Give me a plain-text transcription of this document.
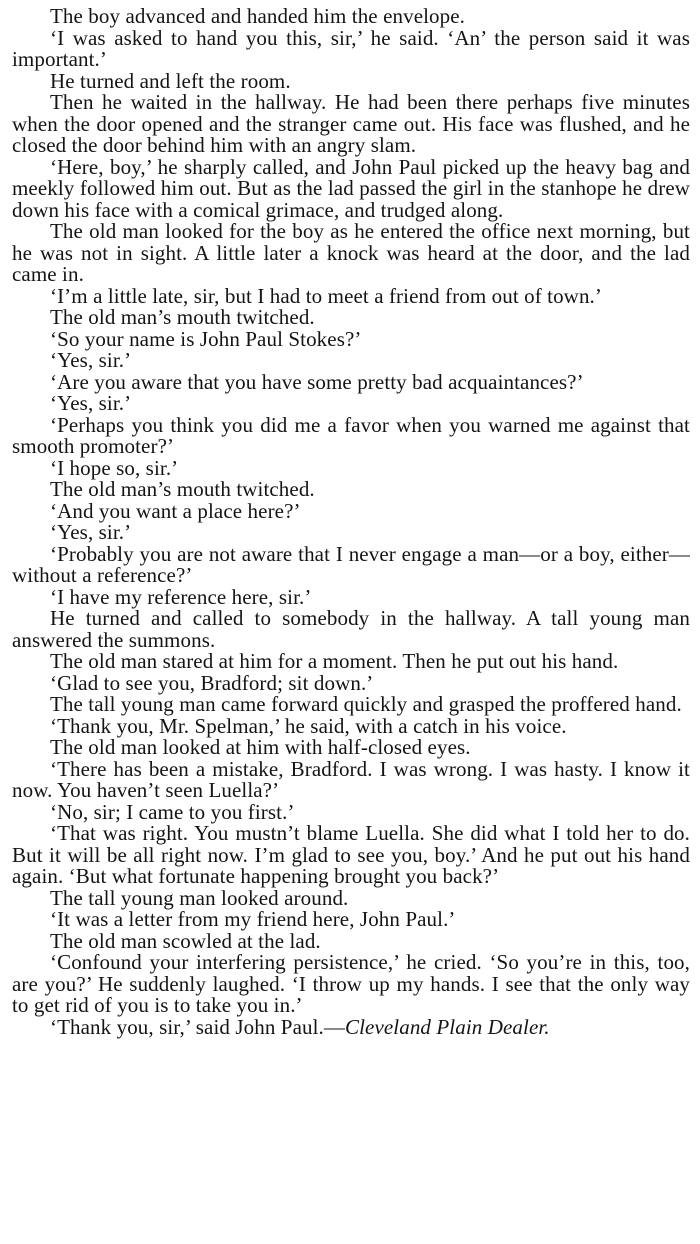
The boy advanced and handed him the envelope.

‘I was asked to hand you this, sir,’ he said. ‘An’ the person said it was important.’

He turned and left the room.

Then he waited in the hallway. He had been there perhaps five minutes when the door opened and the stranger came out. His face was flushed, and he closed the door behind him with an angry slam.

‘Here, boy,’ he sharply called, and John Paul picked up the heavy bag and meekly followed him out. But as the lad passed the girl in the stanhope he drew down his face with a comical grimace, and trudged along.

The old man looked for the boy as he entered the office next morning, but he was not in sight. A little later a knock was heard at the door, and the lad came in.

‘I’m a little late, sir, but I had to meet a friend from out of town.’

The old man’s mouth twitched.

‘So your name is John Paul Stokes?’

‘Yes, sir.’

‘Are you aware that you have some pretty bad acquaintances?’

‘Yes, sir.’

‘Perhaps you think you did me a favor when you warned me against that smooth promoter?’

‘I hope so, sir.’

The old man’s mouth twitched.

‘And you want a place here?’

‘Yes, sir.’

‘Probably you are not aware that I never engage a man—or a boy, either—without a reference?’

‘I have my reference here, sir.’

He turned and called to somebody in the hallway. A tall young man answered the summons.

The old man stared at him for a moment. Then he put out his hand.

‘Glad to see you, Bradford; sit down.’

The tall young man came forward quickly and grasped the proffered hand.

‘Thank you, Mr. Spelman,’ he said, with a catch in his voice.

The old man looked at him with half-closed eyes.

‘There has been a mistake, Bradford. I was wrong. I was hasty. I know it now. You haven’t seen Luella?’

‘No, sir; I came to you first.’

‘That was right. You mustn’t blame Luella. She did what I told her to do. But it will be all right now. I’m glad to see you, boy.’ And he put out his hand again. ‘But what fortunate happening brought you back?’

The tall young man looked around.

‘It was a letter from my friend here, John Paul.’

The old man scowled at the lad.

‘Confound your interfering persistence,’ he cried. ‘So you’re in this, too, are you?’ He suddenly laughed. ‘I throw up my hands. I see that the only way to get rid of you is to take you in.’

‘Thank you, sir,’ said John Paul.—Cleveland Plain Dealer.
